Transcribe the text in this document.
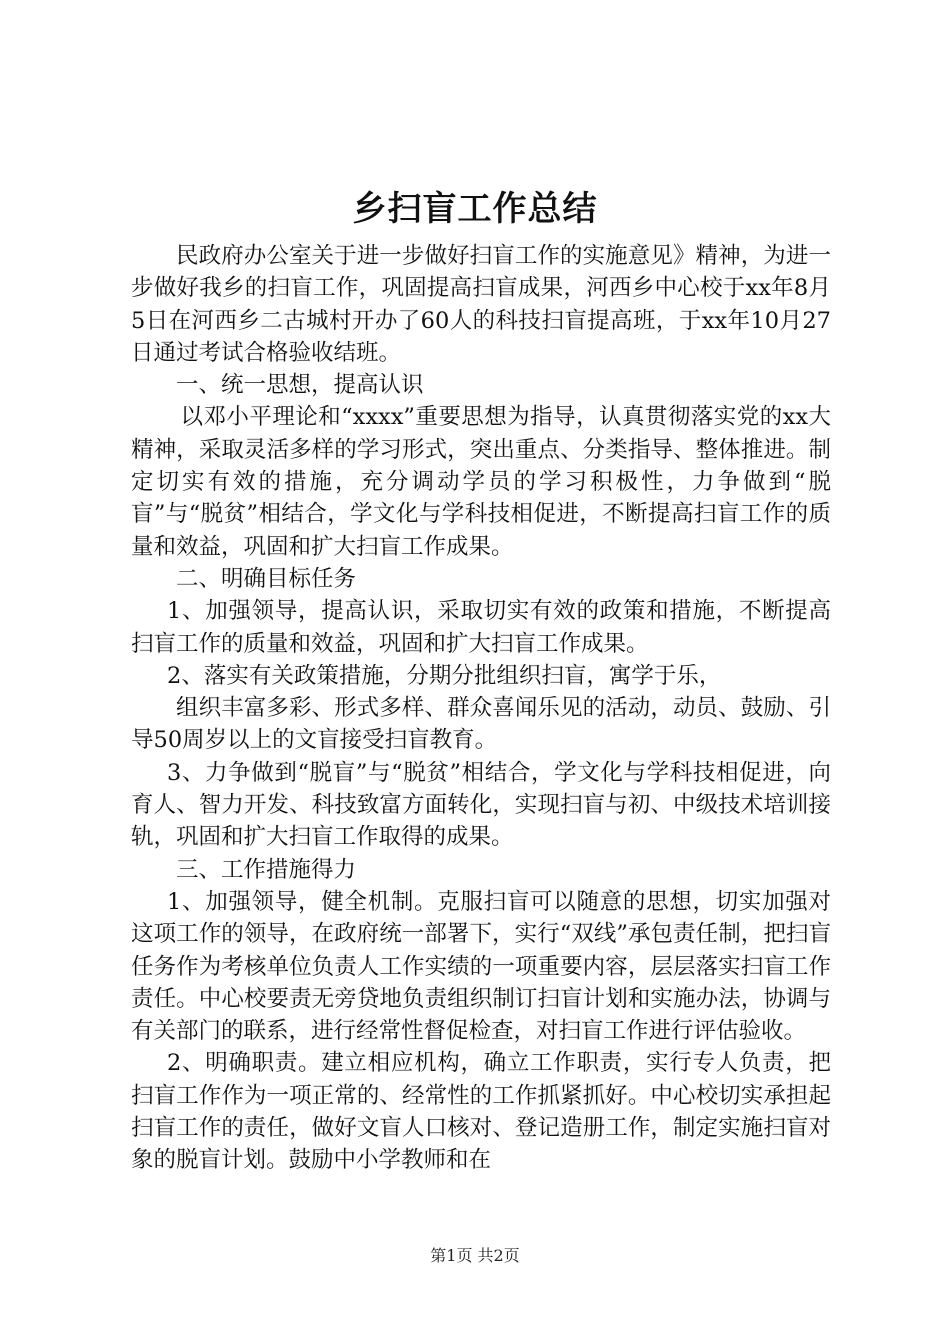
乡扫盲工作总结

民政府办公室关于进一步做好扫盲工作的实施意见》精神，为进一步做好我乡的扫盲工作，巩固提高扫盲成果，河西乡中心校于xx年8月5日在河西乡二古城村开办了60人的科技扫盲提高班，于xx年10月27日通过考试合格验收结班。

一、统一思想，提高认识

以邓小平理论和“xxxx”重要思想为指导，认真贯彻落实党的xx大精神，采取灵活多样的学习形式，突出重点、分类指导、整体推进。制定切实有效的措施，充分调动学员的学习积极性，力争做到“脱盲”与“脱贫”相结合，学文化与学科技相促进，不断提高扫盲工作的质量和效益，巩固和扩大扫盲工作成果。

二、明确目标任务

1、加强领导，提高认识，采取切实有效的政策和措施，不断提高扫盲工作的质量和效益，巩固和扩大扫盲工作成果。

2、落实有关政策措施，分期分批组织扫盲，寓学于乐，

组织丰富多彩、形式多样、群众喜闻乐见的活动，动员、鼓励、引导50周岁以上的文盲接受扫盲教育。

3、力争做到“脱盲”与“脱贫”相结合，学文化与学科技相促进，向育人、智力开发、科技致富方面转化，实现扫盲与初、中级技术培训接轨，巩固和扩大扫盲工作取得的成果。

三、工作措施得力

1、加强领导，健全机制。克服扫盲可以随意的思想，切实加强对这项工作的领导，在政府统一部署下，实行“双线”承包责任制，把扫盲任务作为考核单位负责人工作实绩的一项重要内容，层层落实扫盲工作责任。中心校要责无旁贷地负责组织制订扫盲计划和实施办法，协调与有关部门的联系，进行经常性督促检查，对扫盲工作进行评估验收。

2、明确职责。建立相应机构，确立工作职责，实行专人负责，把扫盲工作作为一项正常的、经常性的工作抓紧抓好。中心校切实承担起扫盲工作的责任，做好文盲人口核对、登记造册工作，制定实施扫盲对象的脱盲计划。鼓励中小学教师和在

第1页 共2页
